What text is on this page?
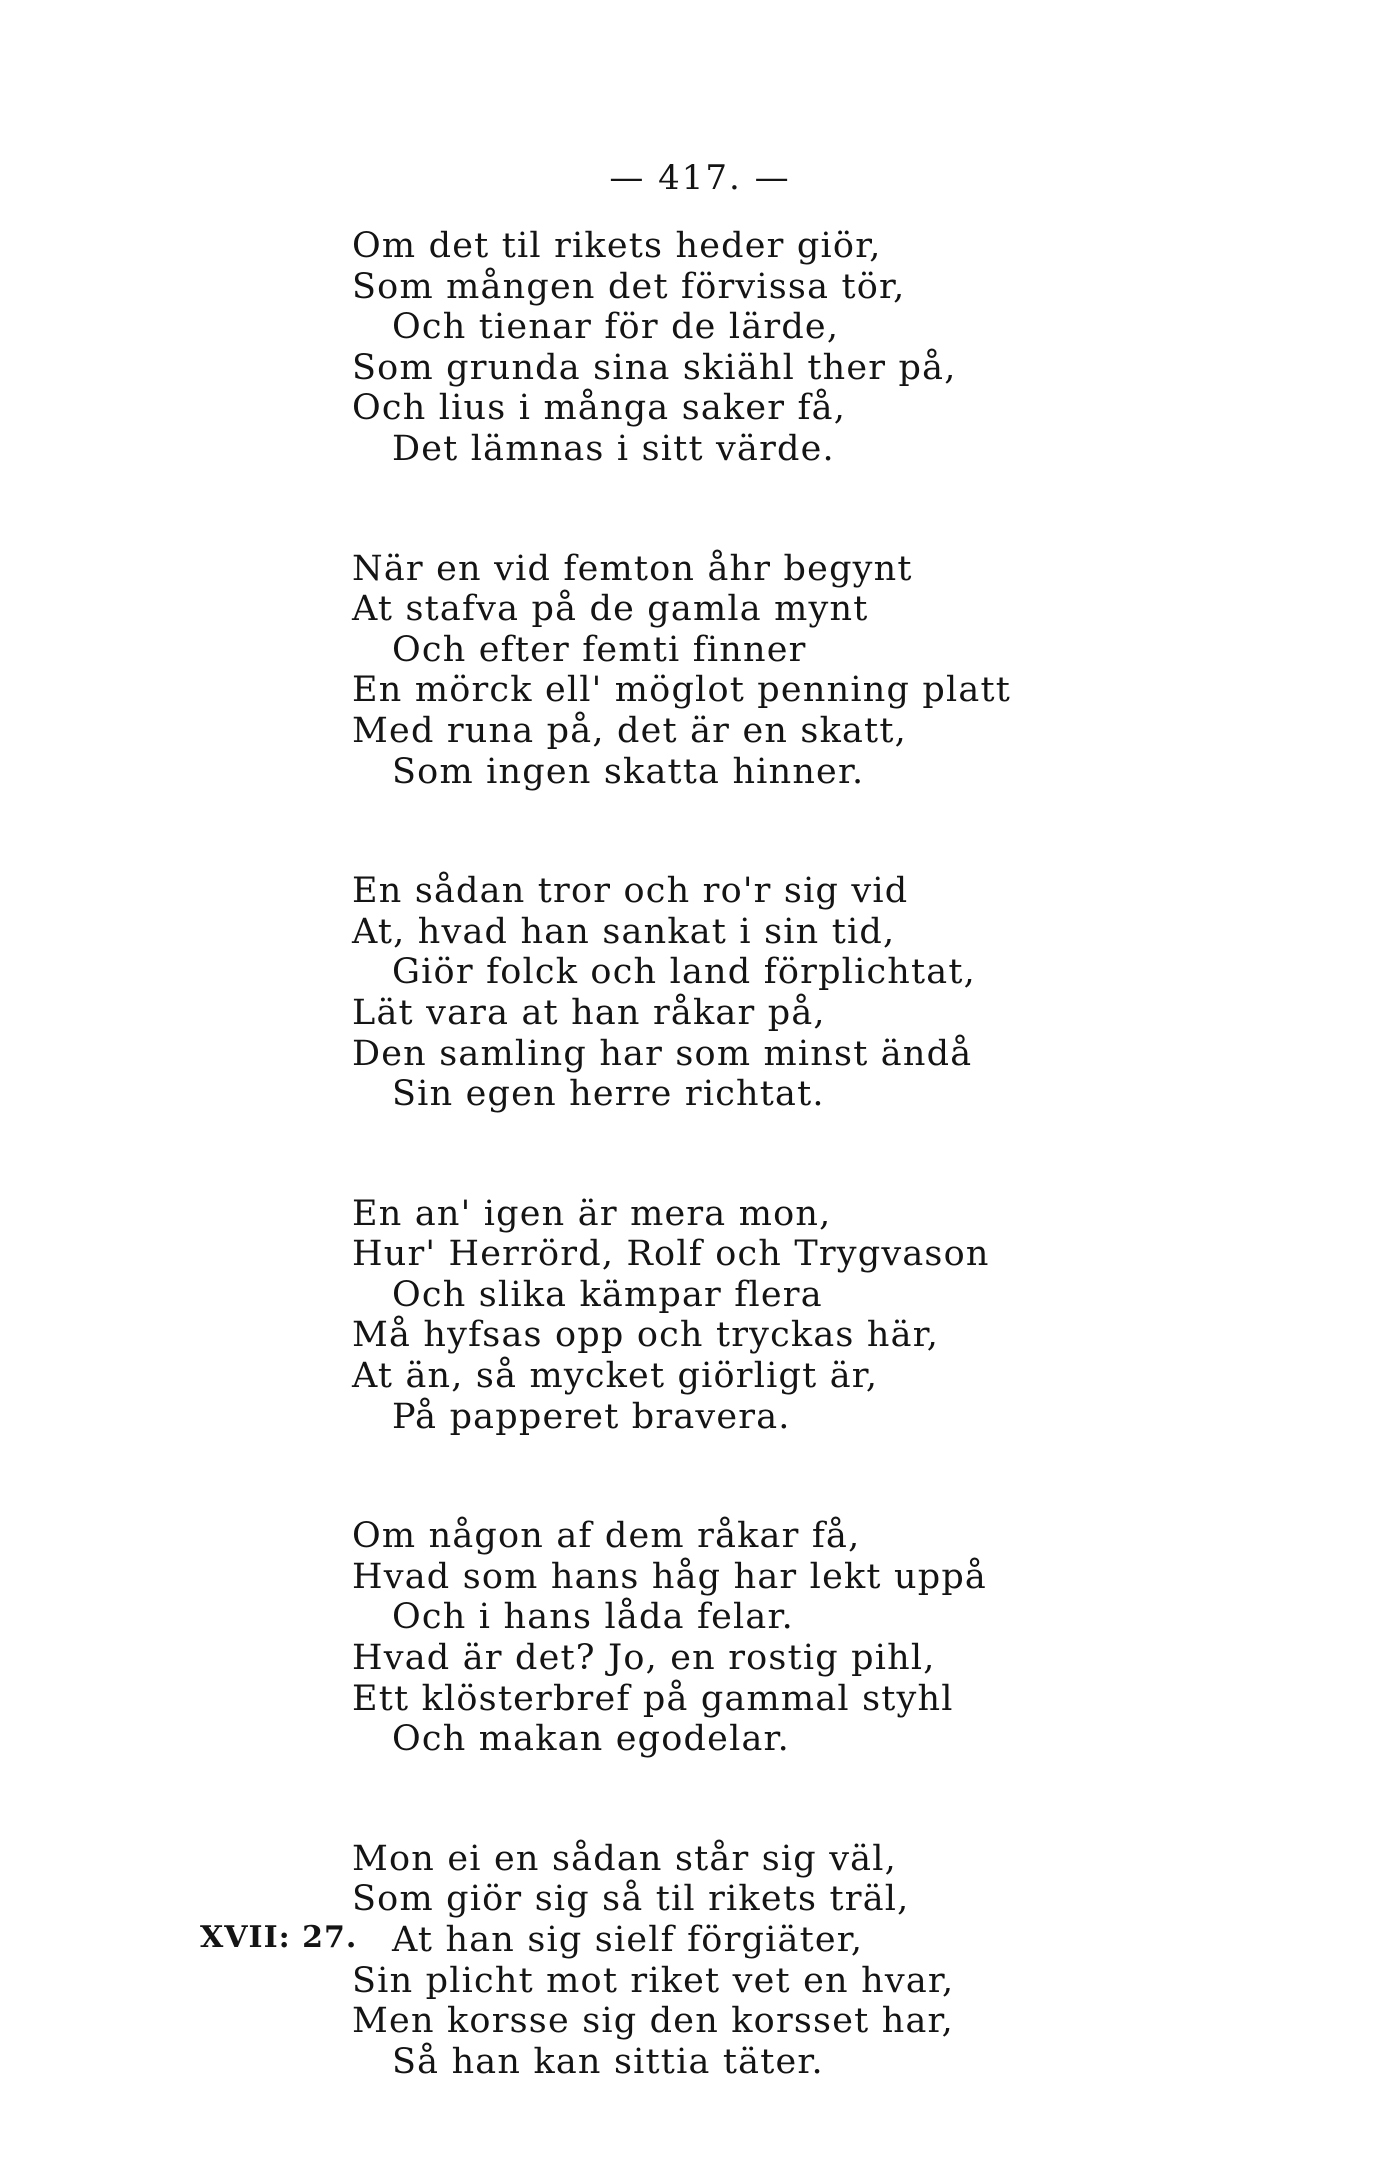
— 417. —
Om det til rikets heder giör,
Som mången det förvissa tör,
Och tienar för de lärde,
Som grunda sina skiähl ther på,
Och lius i många saker få,
Det lämnas i sitt värde.
När en vid femton åhr begynt
At stafva på de gamla mynt
Och efter femti finner
En mörck ell' möglot penning platt
Med runa på, det är en skatt,
Som ingen skatta hinner.
En sådan tror och ro'r sig vid
At, hvad han sankat i sin tid,
Giör folck och land förplichtat,
Lät vara at han råkar på,
Den samling har som minst ändå
Sin egen herre richtat.
En an' igen är mera mon,
Hur' Herrörd, Rolf och Trygvason
Och slika kämpar flera
Må hyfsas opp och tryckas här,
At än, så mycket giörligt är,
På papperet bravera.
Om någon af dem råkar få,
Hvad som hans håg har lekt uppå
Och i hans låda felar.
Hvad är det? Jo, en rostig pihl,
Ett klösterbref på gammal styhl
Och makan egodelar.
Mon ei en sådan står sig väl,
Som giör sig så til rikets träl,
At han sig sielf förgiäter,
Sin plicht mot riket vet en hvar,
Men korsse sig den korsset har,
Så han kan sittia täter.
XVII: 27.
